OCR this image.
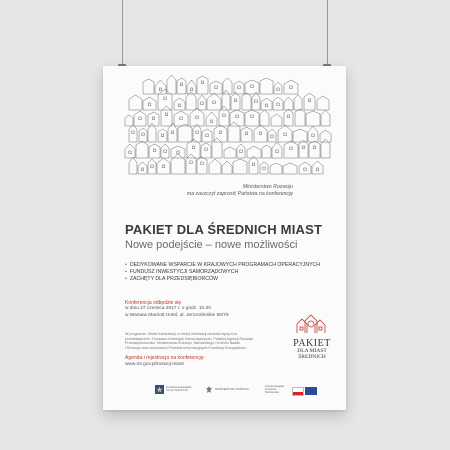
Ministerstwo Rozwoju
ma zaszczyt zaprosić Państwa na konferencję
PAKIET DLA ŚREDNICH MIAST
Nowe podejście – nowe możliwości
• DEDYKOWANE WSPARCIE W KRAJOWYCH PROGRAMACH OPERACYJNYCH
• FUNDUSZ INWESTYCJI SAMORZĄDOWYCH
• ZACHĘTY DLA PRZEDSIĘBIORCÓW
Konferencja odbędzie się
w dniu 27 czerwca 2017 r. o godz. 10.30
w Warsaw Marriott Hotel, al. Jerozolimskie 65/79
W programie: Strefa Konsultacji, w której informacji udzielać będą m.in.
przedstawiciele: Funduszu Inwestycji Samorządowych, Polskiej Agencji Rozwoju
Przedsiębiorczości, Ministerstwa Rozwoju, Narodowego Centrum Badań
i Rozwoju oraz konsultanci Punktów Informacyjnych Funduszy Europejskich.
Agenda i rejestracja na konferencję:
www.mr.gov.pl/rozwoj-miast
PAKIET
DLA MIAST
ŚREDNICH
Fundusze Europejskie
Pomoc Techniczna	MINISTERSTWO ROZWOJU
Unia Europejska
Fundusze Strukturalne
